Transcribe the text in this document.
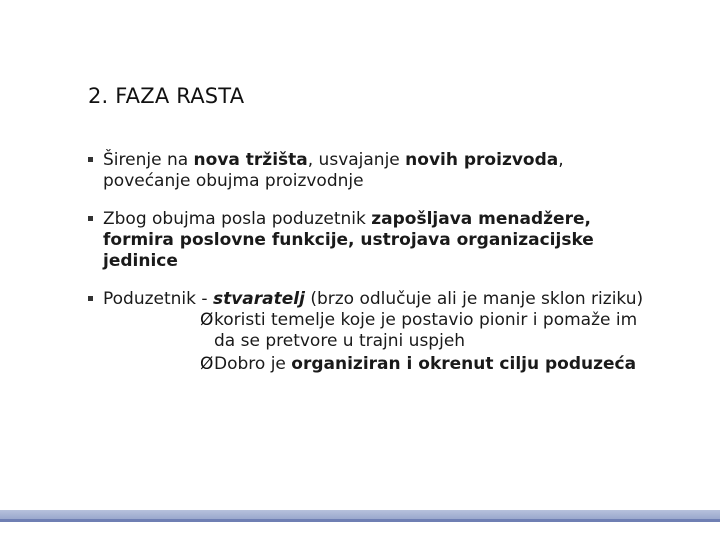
2. FAZA RASTA

Širenje na nova tržišta, usvajanje novih proizvoda, povećanje obujma proizvodnje

Zbog obujma posla poduzetnik zapošljava menadžere, formira poslovne funkcije, ustrojava organizacijske jedinice

Poduzetnik - stvaratelj (brzo odlučuje ali je manje sklon riziku)

Ø koristi temelje koje je postavio pionir i pomaže im da se pretvore u trajni uspjeh

Ø Dobro je organiziran i okrenut cilju poduzeća
